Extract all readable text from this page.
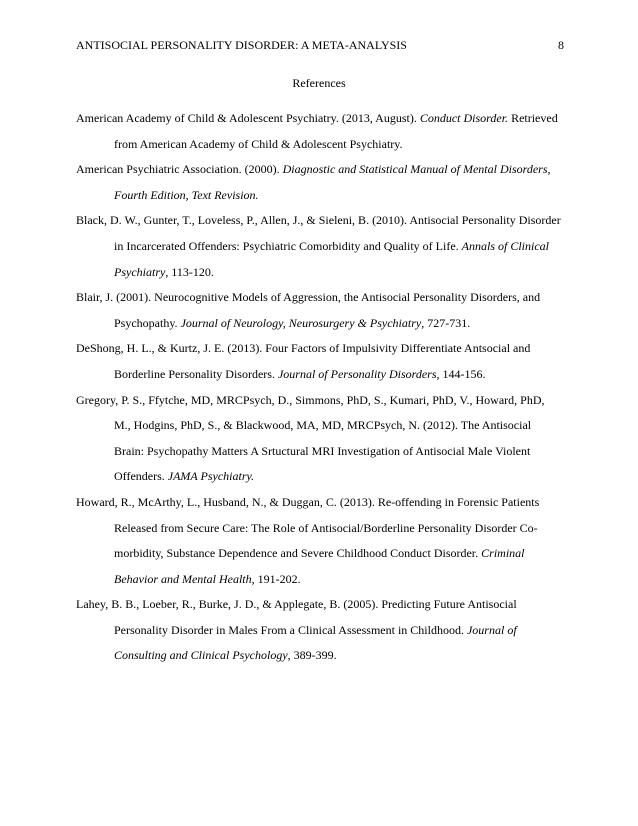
ANTISOCIAL PERSONALITY DISORDER: A META-ANALYSIS	8
References

American Academy of Child & Adolescent Psychiatry. (2013, August). Conduct Disorder. Retrieved from American Academy of Child & Adolescent Psychiatry.

American Psychiatric Association. (2000). Diagnostic and Statistical Manual of Mental Disorders, Fourth Edition, Text Revision.

Black, D. W., Gunter, T., Loveless, P., Allen, J., & Sieleni, B. (2010). Antisocial Personality Disorder in Incarcerated Offenders: Psychiatric Comorbidity and Quality of Life. Annals of Clinical Psychiatry, 113-120.

Blair, J. (2001). Neurocognitive Models of Aggression, the Antisocial Personality Disorders, and Psychopathy. Journal of Neurology, Neurosurgery & Psychiatry, 727-731.

DeShong, H. L., & Kurtz, J. E. (2013). Four Factors of Impulsivity Differentiate Antsocial and Borderline Personality Disorders. Journal of Personality Disorders, 144-156.

Gregory, P. S., Ffytche, MD, MRCPsych, D., Simmons, PhD, S., Kumari, PhD, V., Howard, PhD, M., Hodgins, PhD, S., & Blackwood, MA, MD, MRCPsych, N. (2012). The Antisocial Brain: Psychopathy Matters A Srtuctural MRI Investigation of Antisocial Male Violent Offenders. JAMA Psychiatry.

Howard, R., McArthy, L., Husband, N., & Duggan, C. (2013). Re-offending in Forensic Patients Released from Secure Care: The Role of Antisocial/Borderline Personality Disorder Co-morbidity, Substance Dependence and Severe Childhood Conduct Disorder. Criminal Behavior and Mental Health, 191-202.

Lahey, B. B., Loeber, R., Burke, J. D., & Applegate, B. (2005). Predicting Future Antisocial Personality Disorder in Males From a Clinical Assessment in Childhood. Journal of Consulting and Clinical Psychology, 389-399.
